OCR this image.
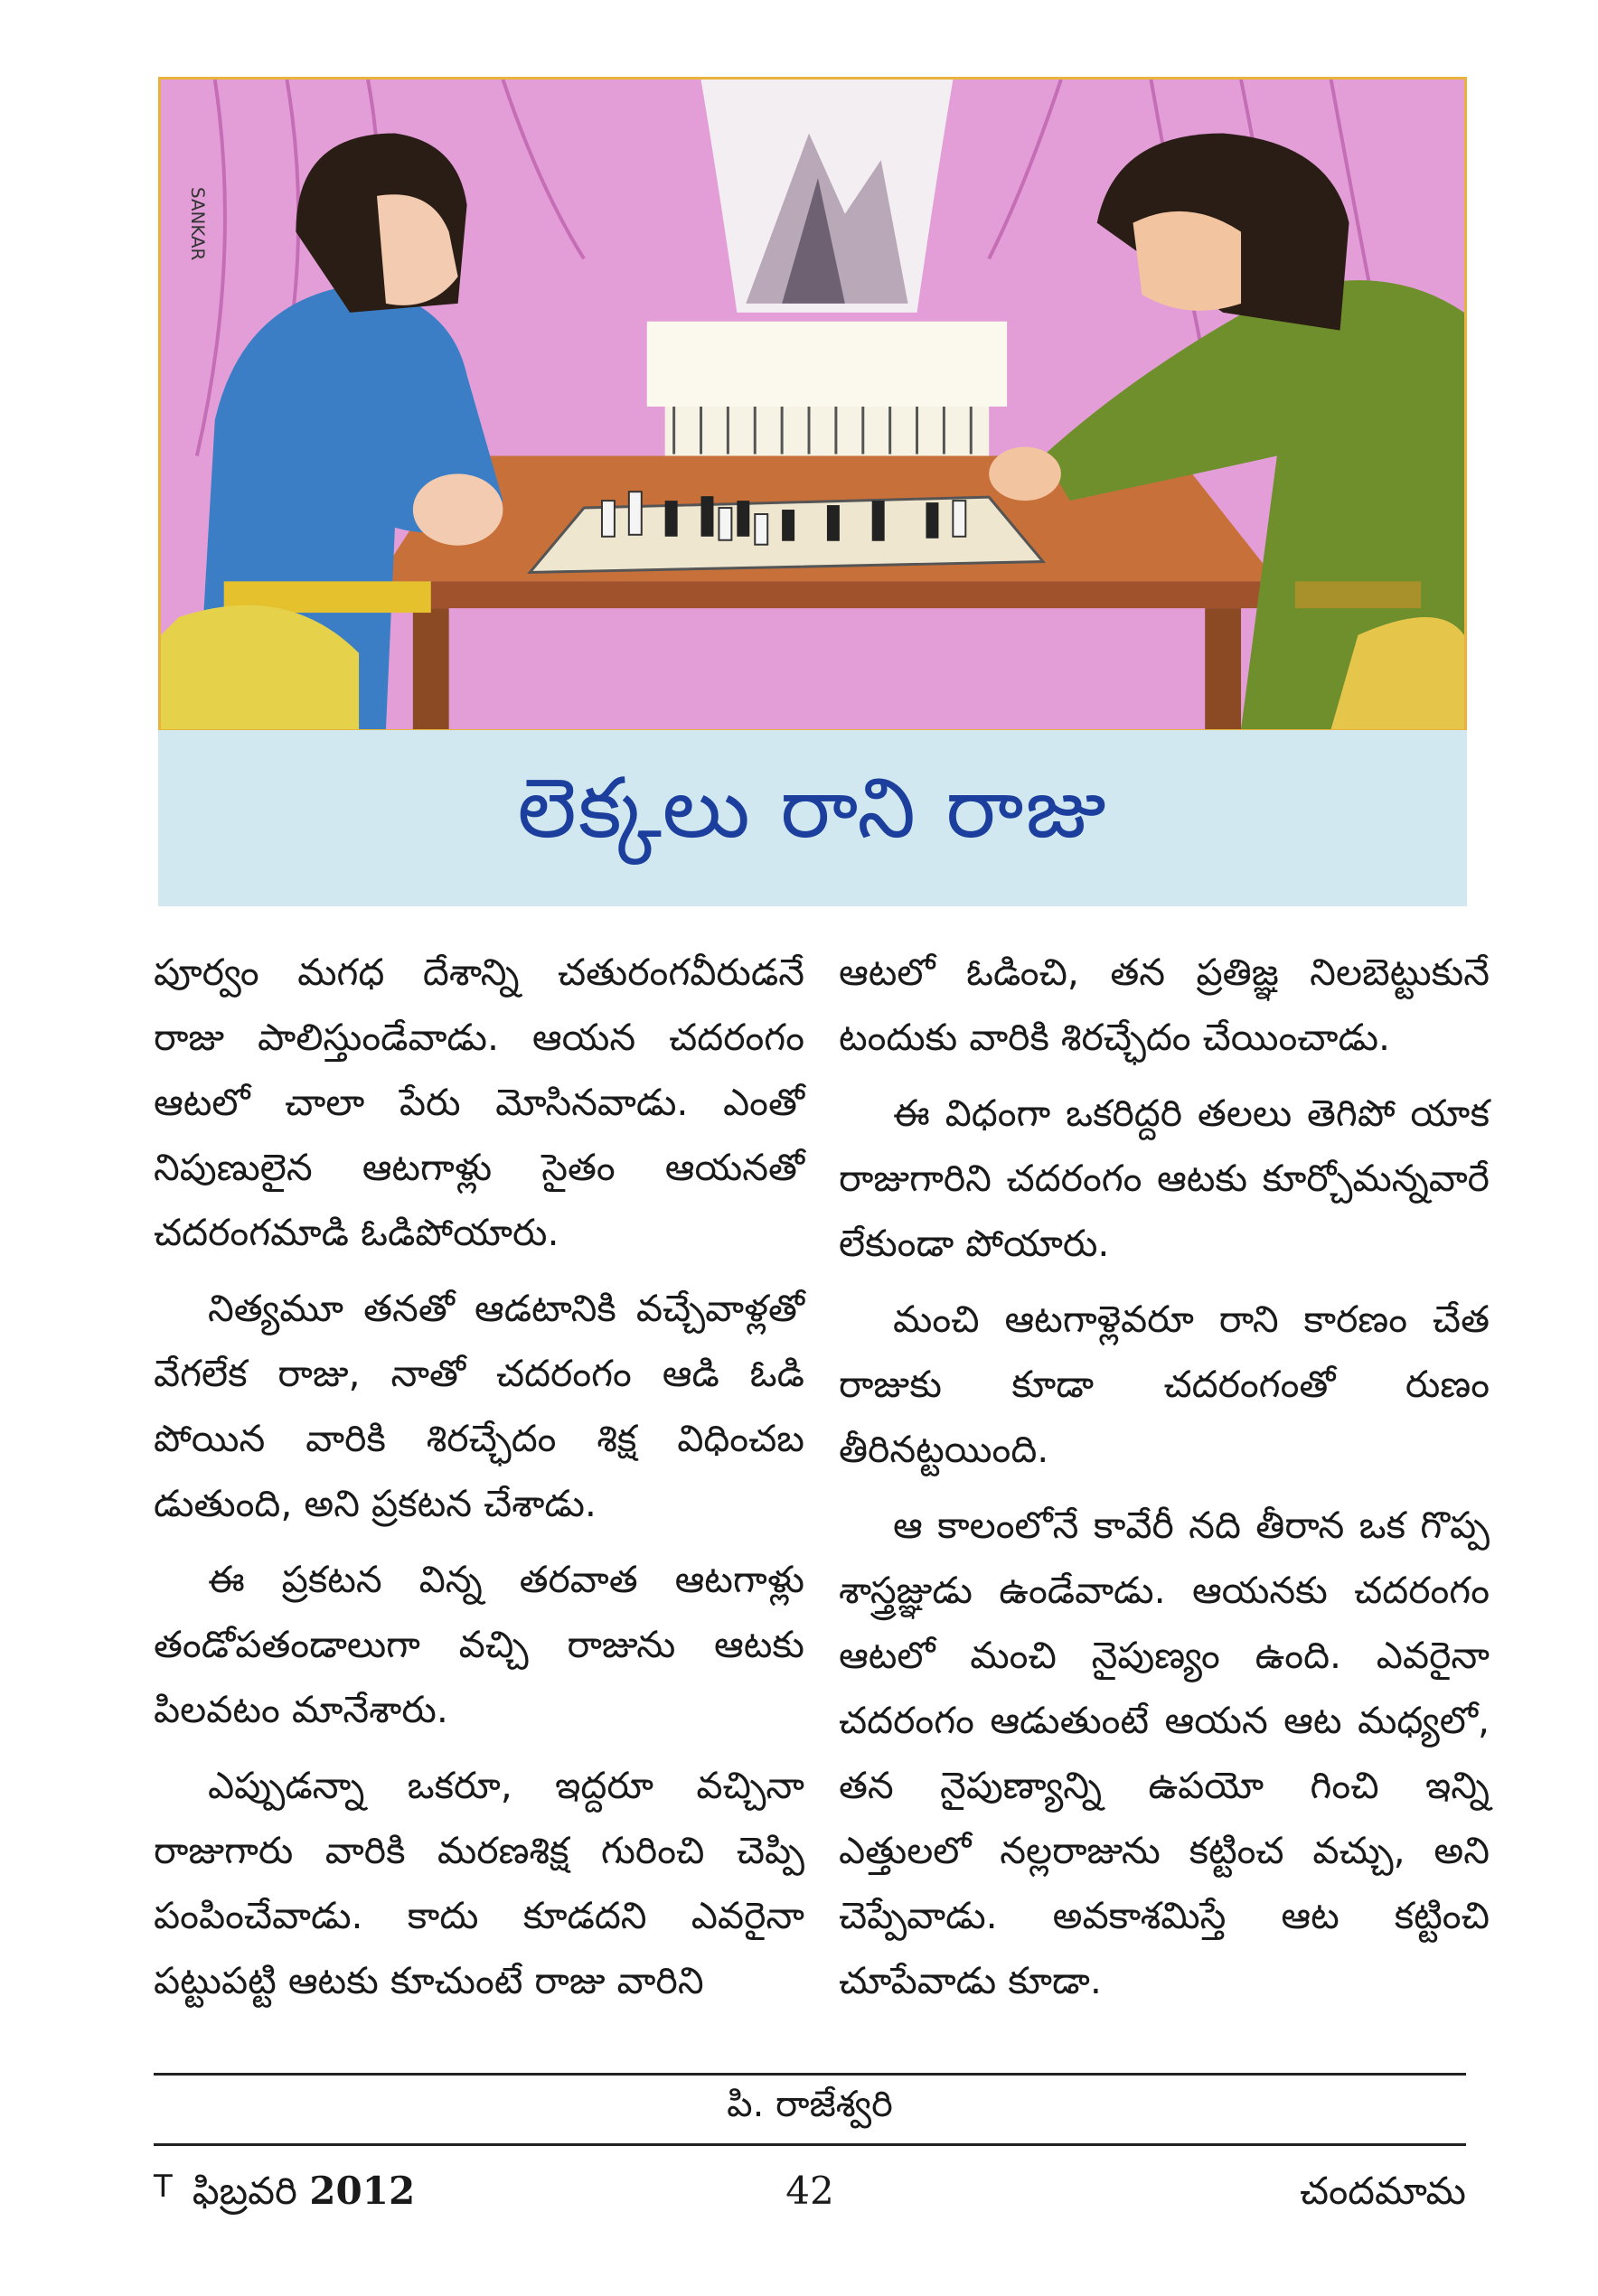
SANKAR
లెక్కలు రాని రాజు

పూర్వం మగధ దేశాన్ని చతురంగవీరుడనే రాజు పాలిస్తుండేవాడు. ఆయన చదరంగం ఆటలో చాలా పేరు మోసినవాడు. ఎంతో నిపుణులైన ఆటగాళ్లు సైతం ఆయనతో చదరంగమాడి ఓడిపోయారు.

నిత్యమూ తనతో ఆడటానికి వచ్చేవాళ్లతో వేగలేక రాజు, నాతో చదరంగం ఆడి ఓడి పోయిన వారికి శిరచ్ఛేదం శిక్ష విధించబ డుతుంది, అని ప్రకటన చేశాడు.

ఈ ప్రకటన విన్న తరవాత ఆటగాళ్లు తండోపతండాలుగా వచ్చి రాజును ఆటకు పిలవటం మానేశారు.

ఎప్పుడన్నా ఒకరూ, ఇద్దరూ వచ్చినా రాజుగారు వారికి మరణశిక్ష గురించి చెప్పి పంపించేవాడు. కాదు కూడదని ఎవరైనా పట్టుపట్టి ఆటకు కూచుంటే రాజు వారిని

ఆటలో ఓడించి, తన ప్రతిజ్ఞ నిలబెట్టుకునే టందుకు వారికి శిరచ్ఛేదం చేయించాడు.

ఈ విధంగా ఒకరిద్దరి తలలు తెగిపో యాక రాజుగారిని చదరంగం ఆటకు కూర్చోమన్నవారే లేకుండా పోయారు.

మంచి ఆటగాళ్లెవరూ రాని కారణం చేత రాజుకు కూడా చదరంగంతో రుణం తీరినట్టయింది.

ఆ కాలంలోనే కావేరీ నది తీరాన ఒక గొప్ప శాస్త్రజ్ఞుడు ఉండేవాడు. ఆయనకు చదరంగం ఆటలో మంచి నైపుణ్యం ఉంది. ఎవరైనా చదరంగం ఆడుతుంటే ఆయన ఆట మధ్యలో, తన నైపుణ్యాన్ని ఉపయో గించి ఇన్ని ఎత్తులలో నల్లరాజును కట్టించ వచ్చు, అని చెప్పేవాడు. అవకాశమిస్తే ఆట కట్టించి చూపేవాడు కూడా.

పి. రాజేశ్వరి
$^T$ ఫిబ్రవరి 2012	42	చందమామ
